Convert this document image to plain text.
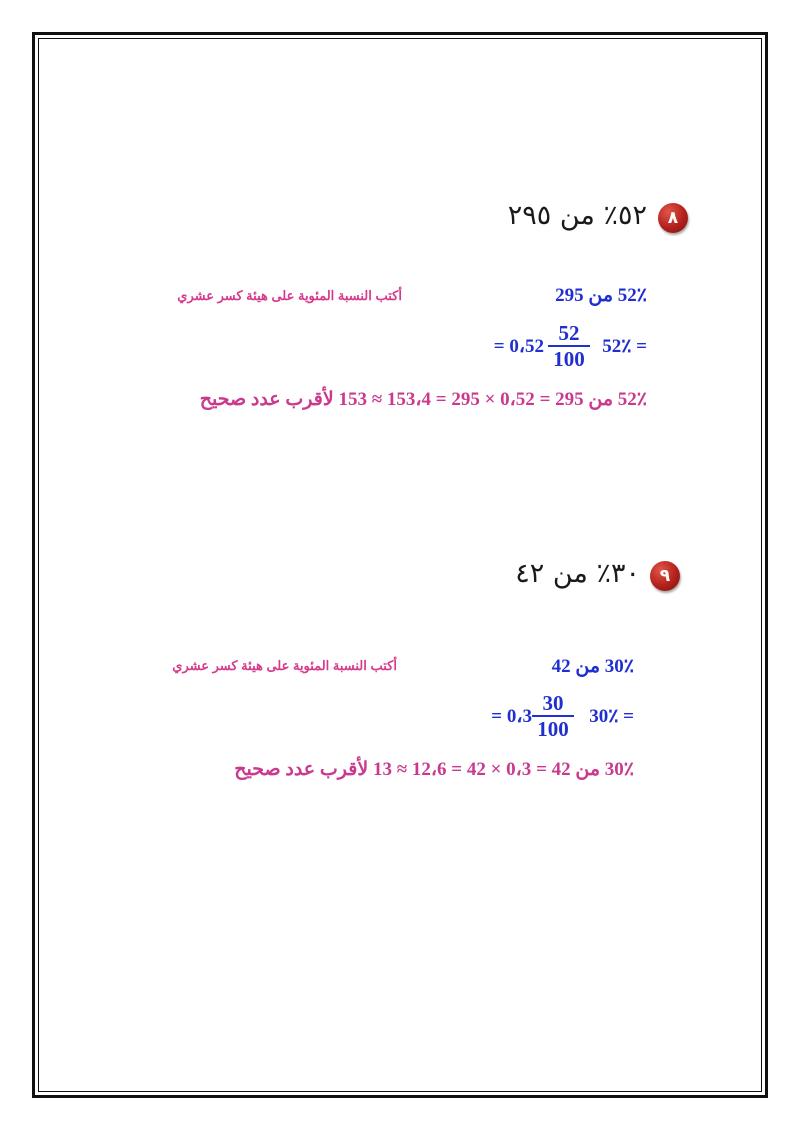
٨
٥٢٪ من ٢٩٥
52٪ من 295
أكتب النسبة المئوية على هيئة كسر عشري
52٪ =
52
100
= 0،52
52٪ من 295 = 0،52 × 295 = 153،4 ≈ 153 لأقرب عدد صحيح
٩
٣٠٪ من ٤٢
30٪ من 42
أكتب النسبة المئوية على هيئة كسر عشري
30٪ =
30
100
= 0،3
30٪ من 42 = 0،3 × 42 = 12،6 ≈ 13 لأقرب عدد صحيح
